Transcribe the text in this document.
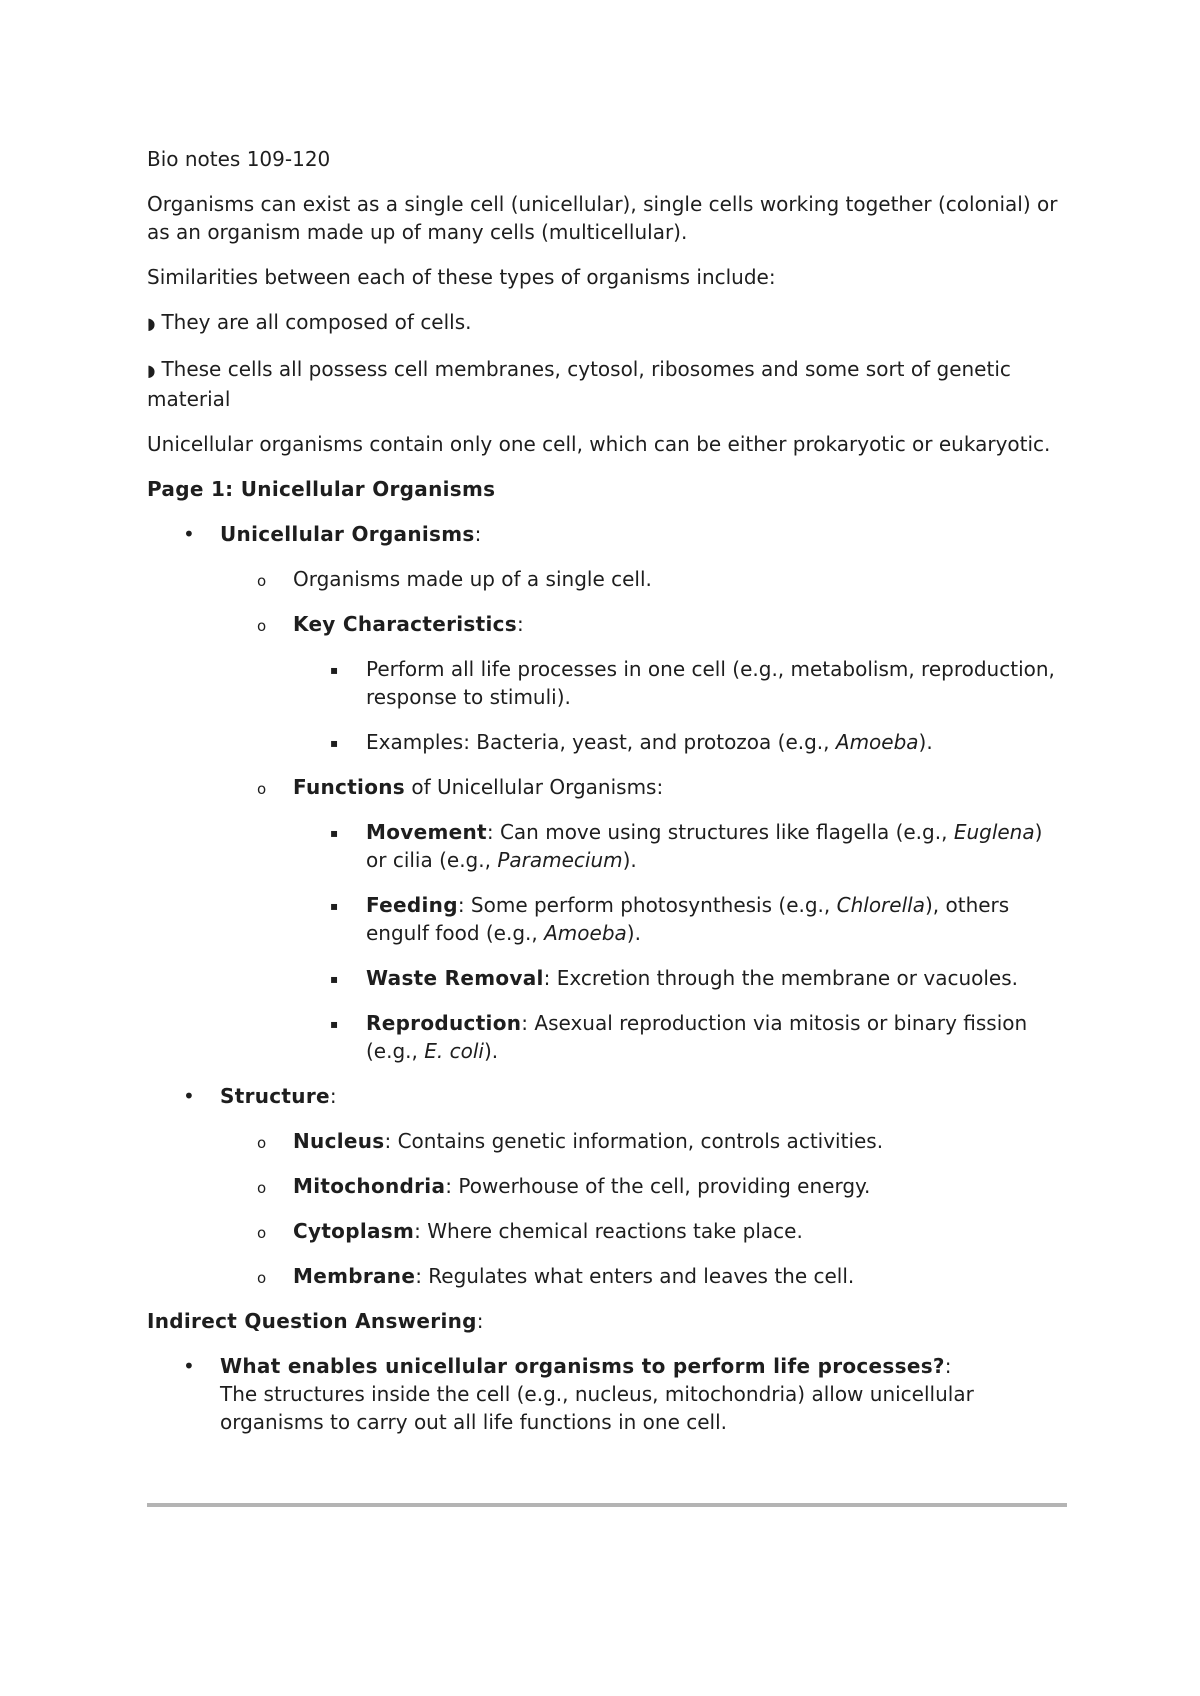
Bio notes 109-120

Organisms can exist as a single cell (unicellular), single cells working together (colonial) or as an organism made up of many cells (multicellular).

Similarities between each of these types of organisms include:

◗ They are all composed of cells.

◗ These cells all possess cell membranes, cytosol, ribosomes and some sort of genetic material

Unicellular organisms contain only one cell, which can be either prokaryotic or eukaryotic.

Page 1: Unicellular Organisms

• Unicellular Organisms:
o Organisms made up of a single cell.
o Key Characteristics:
▪ Perform all life processes in one cell (e.g., metabolism, reproduction, response to stimuli).
▪ Examples: Bacteria, yeast, and protozoa (e.g., Amoeba).
o Functions of Unicellular Organisms:
▪ Movement: Can move using structures like flagella (e.g., Euglena) or cilia (e.g., Paramecium).
▪ Feeding: Some perform photosynthesis (e.g., Chlorella), others engulf food (e.g., Amoeba).
▪ Waste Removal: Excretion through the membrane or vacuoles.
▪ Reproduction: Asexual reproduction via mitosis or binary fission (e.g., E. coli).
• Structure:
o Nucleus: Contains genetic information, controls activities.
o Mitochondria: Powerhouse of the cell, providing energy.
o Cytoplasm: Where chemical reactions take place.
o Membrane: Regulates what enters and leaves the cell.

Indirect Question Answering:

• What enables unicellular organisms to perform life processes?:
The structures inside the cell (e.g., nucleus, mitochondria) allow unicellular organisms to carry out all life functions in one cell.
